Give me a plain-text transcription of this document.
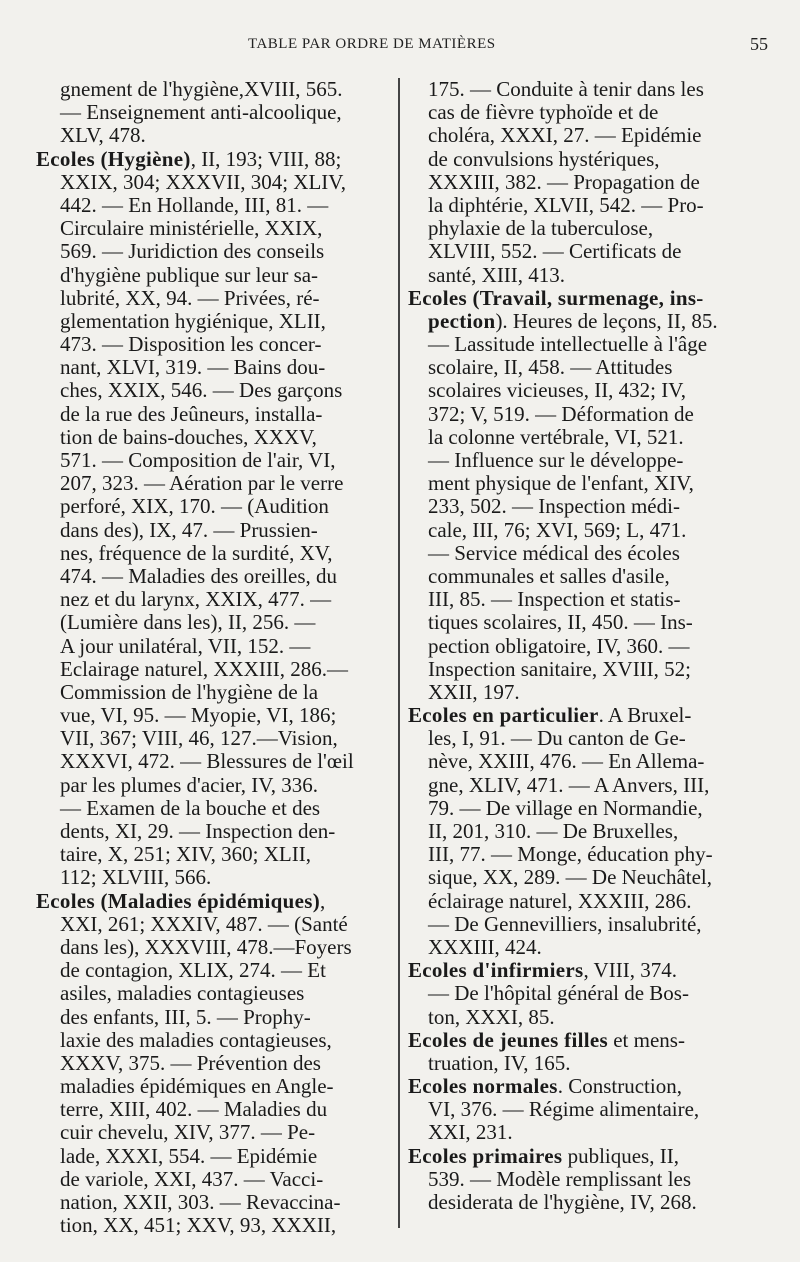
TABLE PAR ORDRE DE MATIÈRES	55
gnement de l'hygiène,XVIII, 565.
— Enseignement anti-alcoolique,
XLV, 478.
Ecoles (Hygiène), II, 193; VIII, 88;
XXIX, 304; XXXVII, 304; XLIV,
442. — En Hollande, III, 81. —
Circulaire ministérielle, XXIX,
569. — Juridiction des conseils
d'hygiène publique sur leur sa-
lubrité, XX, 94. — Privées, ré-
glementation hygiénique, XLII,
473. — Disposition les concer-
nant, XLVI, 319. — Bains dou-
ches, XXIX, 546. — Des garçons
de la rue des Jeûneurs, installa-
tion de bains-douches, XXXV,
571. — Composition de l'air, VI,
207, 323. — Aération par le verre
perforé, XIX, 170. — (Audition
dans des), IX, 47. — Prussien-
nes, fréquence de la surdité, XV,
474. — Maladies des oreilles, du
nez et du larynx, XXIX, 477. —
(Lumière dans les), II, 256. —
A jour unilatéral, VII, 152. —
Eclairage naturel, XXXIII, 286.—
Commission de l'hygiène de la
vue, VI, 95. — Myopie, VI, 186;
VII, 367; VIII, 46, 127.—Vision,
XXXVI, 472. — Blessures de l'œil
par les plumes d'acier, IV, 336.
— Examen de la bouche et des
dents, XI, 29. — Inspection den-
taire, X, 251; XIV, 360; XLII,
112; XLVIII, 566.
Ecoles (Maladies épidémiques),
XXI, 261; XXXIV, 487. — (Santé
dans les), XXXVIII, 478.—Foyers
de contagion, XLIX, 274. — Et
asiles, maladies contagieuses
des enfants, III, 5. — Prophy-
laxie des maladies contagieuses,
XXXV, 375. — Prévention des
maladies épidémiques en Angle-
terre, XIII, 402. — Maladies du
cuir chevelu, XIV, 377. — Pe-
lade, XXXI, 554. — Epidémie
de variole, XXI, 437. — Vacci-
nation, XXII, 303. — Revaccina-
tion, XX, 451; XXV, 93, XXXII,
175. — Conduite à tenir dans les
cas de fièvre typhoïde et de
choléra, XXXI, 27. — Epidémie
de convulsions hystériques,
XXXIII, 382. — Propagation de
la diphtérie, XLVII, 542. — Pro-
phylaxie de la tuberculose,
XLVIII, 552. — Certificats de
santé, XIII, 413.
Ecoles (Travail, surmenage, ins-
pection). Heures de leçons, II, 85.
— Lassitude intellectuelle à l'âge
scolaire, II, 458. — Attitudes
scolaires vicieuses, II, 432; IV,
372; V, 519. — Déformation de
la colonne vertébrale, VI, 521.
— Influence sur le développe-
ment physique de l'enfant, XIV,
233, 502. — Inspection médi-
cale, III, 76; XVI, 569; L, 471.
— Service médical des écoles
communales et salles d'asile,
III, 85. — Inspection et statis-
tiques scolaires, II, 450. — Ins-
pection obligatoire, IV, 360. —
Inspection sanitaire, XVIII, 52;
XXII, 197.
Ecoles en particulier. A Bruxel-
les, I, 91. — Du canton de Ge-
nève, XXIII, 476. — En Allema-
gne, XLIV, 471. — A Anvers, III,
79. — De village en Normandie,
II, 201, 310. — De Bruxelles,
III, 77. — Monge, éducation phy-
sique, XX, 289. — De Neuchâtel,
éclairage naturel, XXXIII, 286.
— De Gennevilliers, insalubrité,
XXXIII, 424.
Ecoles d'infirmiers, VIII, 374.
— De l'hôpital général de Bos-
ton, XXXI, 85.
Ecoles de jeunes filles et mens-
truation, IV, 165.
Ecoles normales. Construction,
VI, 376. — Régime alimentaire,
XXI, 231.
Ecoles primaires publiques, II,
539. — Modèle remplissant les
desiderata de l'hygiène, IV, 268.
